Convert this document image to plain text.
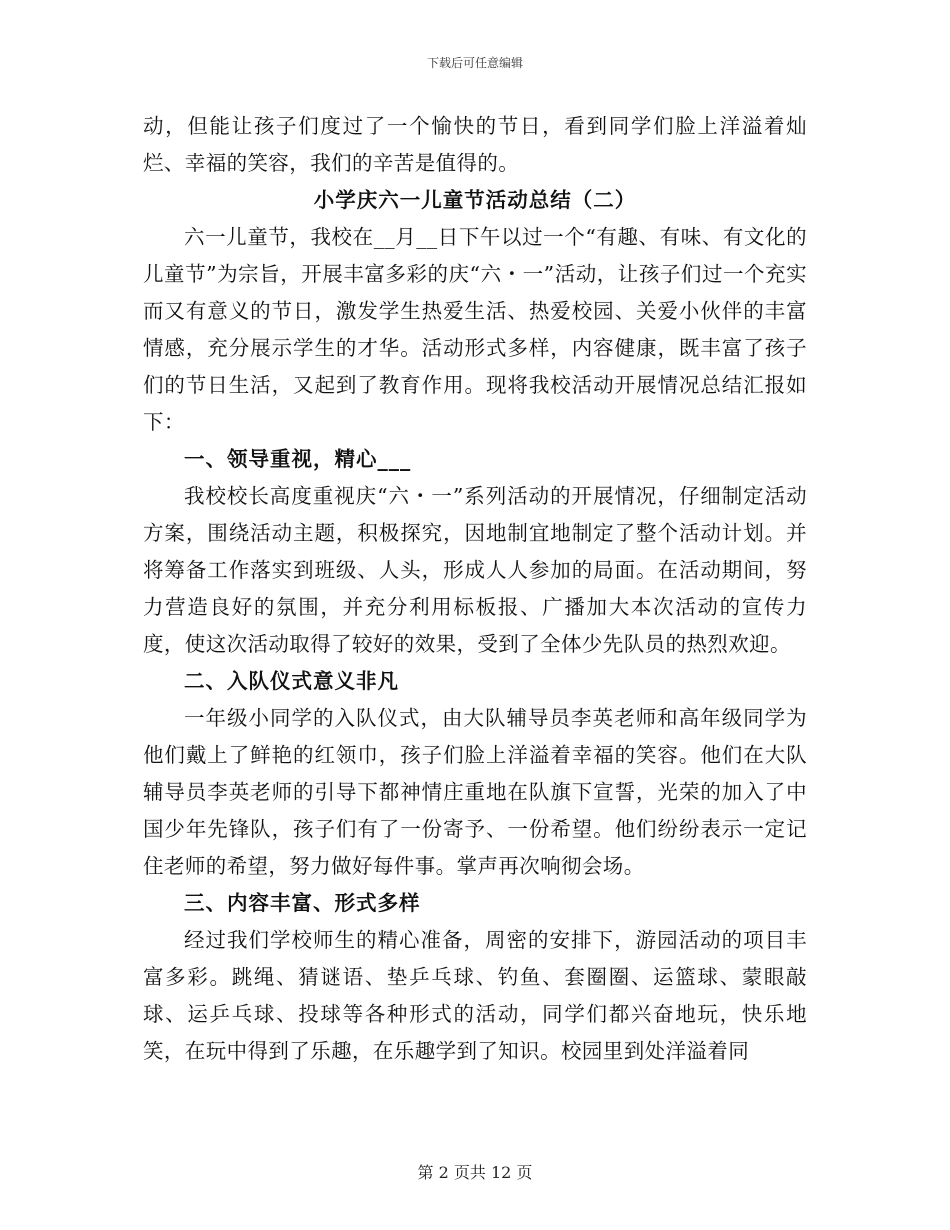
下载后可任意编辑

动，但能让孩子们度过了一个愉快的节日，看到同学们脸上洋溢着灿烂、幸福的笑容，我们的辛苦是值得的。

小学庆六一儿童节活动总结（二）

六一儿童节，我校在__月__日下午以过一个“有趣、有味、有文化的儿童节”为宗旨，开展丰富多彩的庆“六・一”活动，让孩子们过一个充实而又有意义的节日，激发学生热爱生活、热爱校园、关爱小伙伴的丰富情感，充分展示学生的才华。活动形式多样，内容健康，既丰富了孩子们的节日生活，又起到了教育作用。现将我校活动开展情况总结汇报如下：

一、领导重视，精心___

我校校长高度重视庆“六・一”系列活动的开展情况，仔细制定活动方案，围绕活动主题，积极探究，因地制宜地制定了整个活动计划。并将筹备工作落实到班级、人头，形成人人参加的局面。在活动期间，努力营造良好的氛围，并充分利用标板报、广播加大本次活动的宣传力度，使这次活动取得了较好的效果，受到了全体少先队员的热烈欢迎。

二、入队仪式意义非凡

一年级小同学的入队仪式，由大队辅导员李英老师和高年级同学为他们戴上了鲜艳的红领巾，孩子们脸上洋溢着幸福的笑容。他们在大队辅导员李英老师的引导下都神情庄重地在队旗下宣誓，光荣的加入了中国少年先锋队，孩子们有了一份寄予、一份希望。他们纷纷表示一定记住老师的希望，努力做好每件事。掌声再次响彻会场。

三、内容丰富、形式多样

经过我们学校师生的精心准备，周密的安排下，游园活动的项目丰富多彩。跳绳、猜谜语、垫乒乓球、钓鱼、套圈圈、运篮球、蒙眼敲球、运乒乓球、投球等各种形式的活动，同学们都兴奋地玩，快乐地笑，在玩中得到了乐趣，在乐趣学到了知识。校园里到处洋溢着同

第 2 页共 12 页
